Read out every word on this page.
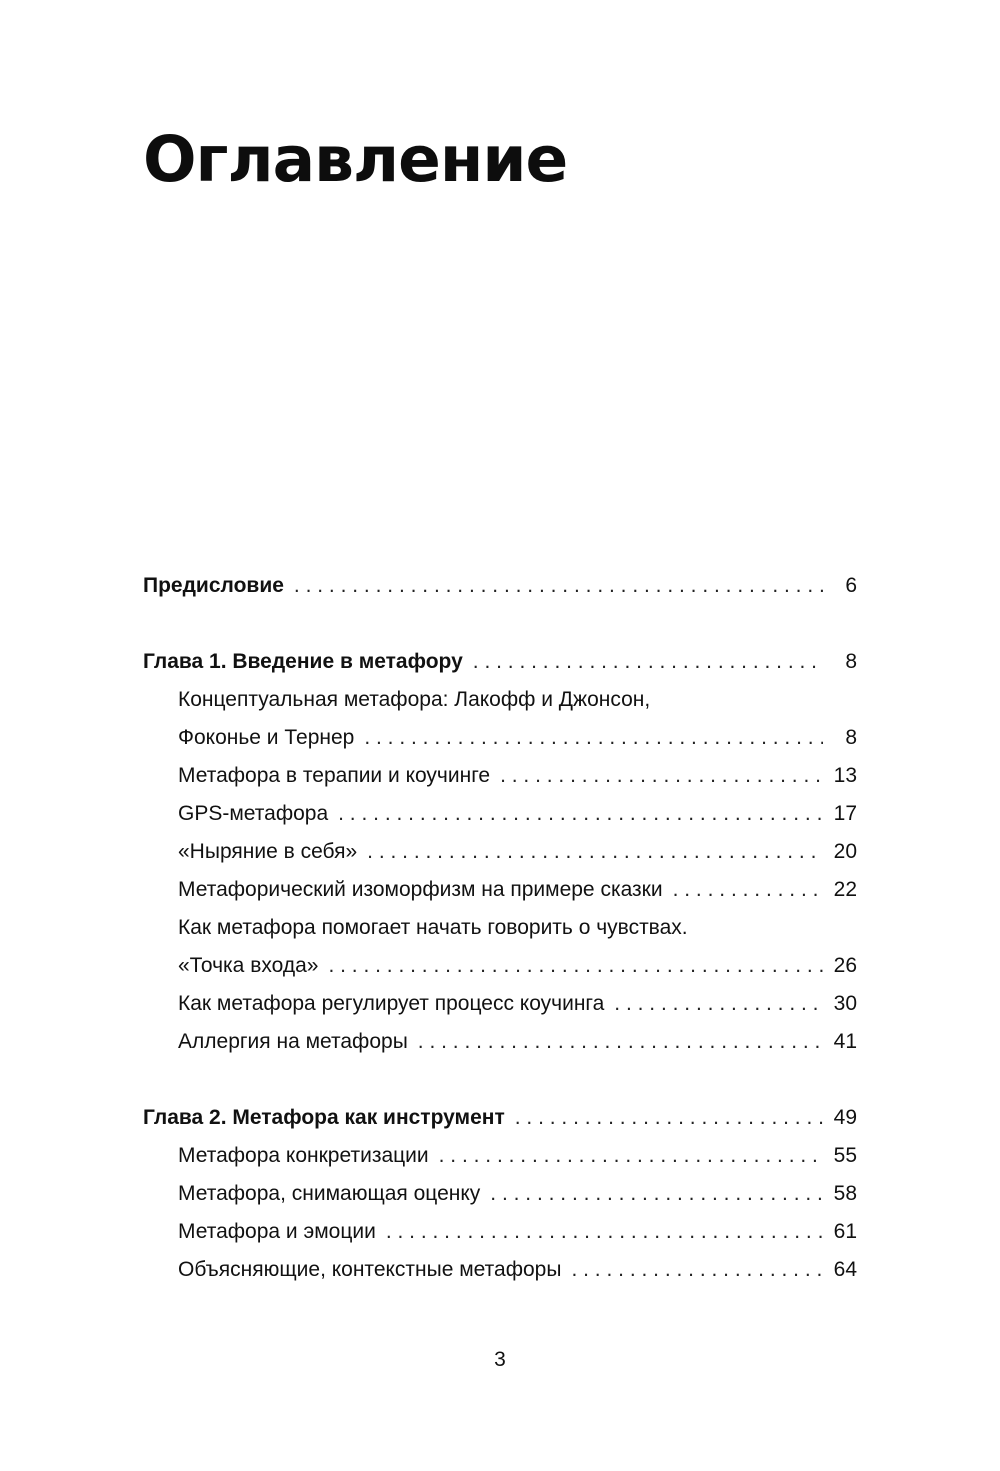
Оглавление
Предисловие . . .	6
Глава 1. Введение в метафору . . .	8
Концептуальная метафора: Лакофф и Джонсон,
Фоконье и Тернер . . .	8
Метафора в терапии и коучинге . . .	13
GPS-метафора . . .	17
«Ныряние в себя» . . .	20
Метафорический изоморфизм на примере сказки . . .	22
Как метафора помогает начать говорить о чувствах.
«Точка входа» . . .	26
Как метафора регулирует процесс коучинга . . .	30
Аллергия на метафоры . . .	41
Глава 2. Метафора как инструмент . . .	49
Метафора конкретизации . . .	55
Метафора, снимающая оценку . . .	58
Метафора и эмоции . . .	61
Объясняющие, контекстные метафоры . . .	64
3
